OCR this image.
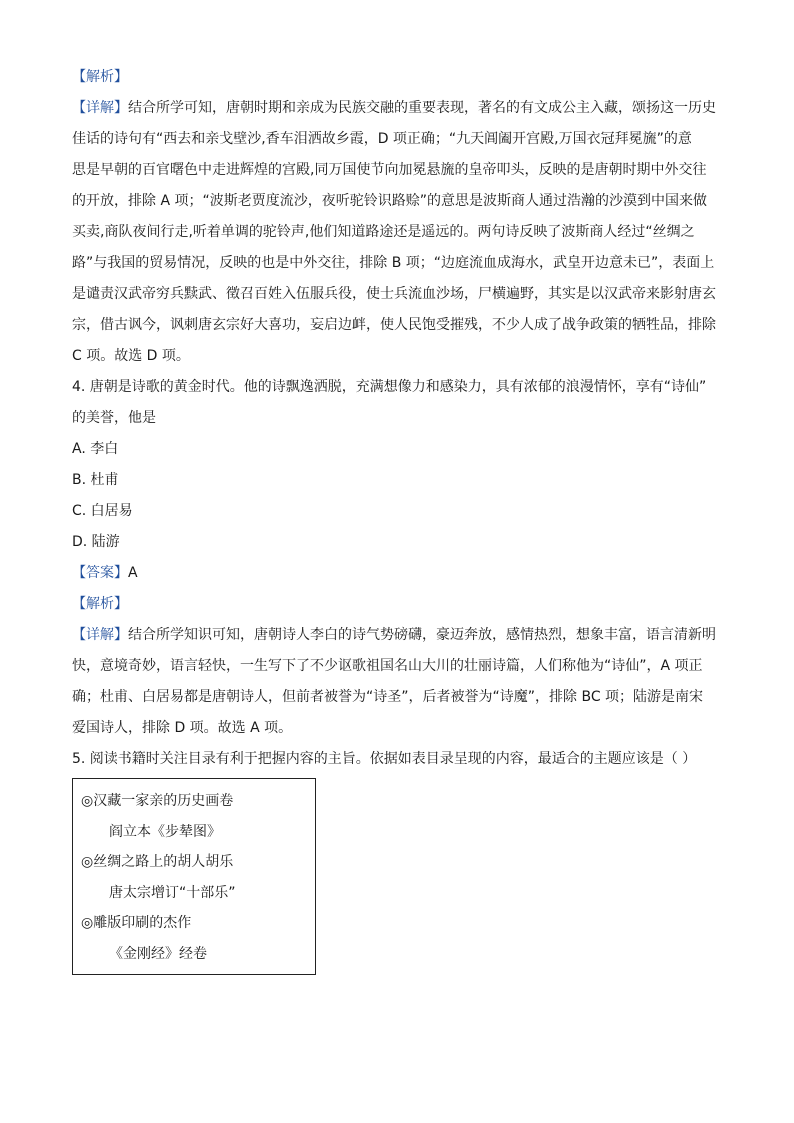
【解析】
【详解】结合所学可知，唐朝时期和亲成为民族交融的重要表现，著名的有文成公主入藏，颂扬这一历史
佳话的诗句有“西去和亲戈壁沙,香车泪洒故乡霞，D 项正确；“九天阊阖开宫殿,万国衣冠拜冕旒”的意
思是早朝的百官曙色中走进辉煌的宫殿,同万国使节向加冕悬旒的皇帝叩头，反映的是唐朝时期中外交往
的开放，排除 A 项；“波斯老贾度流沙，夜听驼铃识路赊”的意思是波斯商人通过浩瀚的沙漠到中国来做
买卖,商队夜间行走,听着单调的驼铃声,他们知道路途还是遥远的。两句诗反映了波斯商人经过“丝绸之
路”与我国的贸易情况，反映的也是中外交往，排除 B 项；“边庭流血成海水，武皇开边意未已”，表面上
是谴责汉武帝穷兵黩武、徵召百姓入伍服兵役，使士兵流血沙场，尸横遍野，其实是以汉武帝来影射唐玄
宗，借古讽今，讽刺唐玄宗好大喜功，妄启边衅，使人民饱受摧残，不少人成了战争政策的牺牲品，排除
C 项。故选 D 项。
4. 唐朝是诗歌的黄金时代。他的诗飘逸洒脱，充满想像力和感染力，具有浓郁的浪漫情怀，享有“诗仙”
的美誉，他是
A. 李白
B. 杜甫
C. 白居易
D. 陆游
【答案】A
【解析】
【详解】结合所学知识可知，唐朝诗人李白的诗气势磅礴，豪迈奔放，感情热烈，想象丰富，语言清新明
快，意境奇妙，语言轻快，一生写下了不少讴歌祖国名山大川的壮丽诗篇，人们称他为“诗仙”，A 项正
确；杜甫、白居易都是唐朝诗人，但前者被誉为“诗圣”，后者被誉为“诗魔”，排除 BC 项；陆游是南宋
爱国诗人，排除 D 项。故选 A 项。
5. 阅读书籍时关注目录有利于把握内容的主旨。依据如表目录呈现的内容，最适合的主题应该是（ ）
◎汉藏一家亲的历史画卷
阎立本《步辇图》
◎丝绸之路上的胡人胡乐
唐太宗增订“十部乐”
◎雕版印刷的杰作
《金刚经》经卷
